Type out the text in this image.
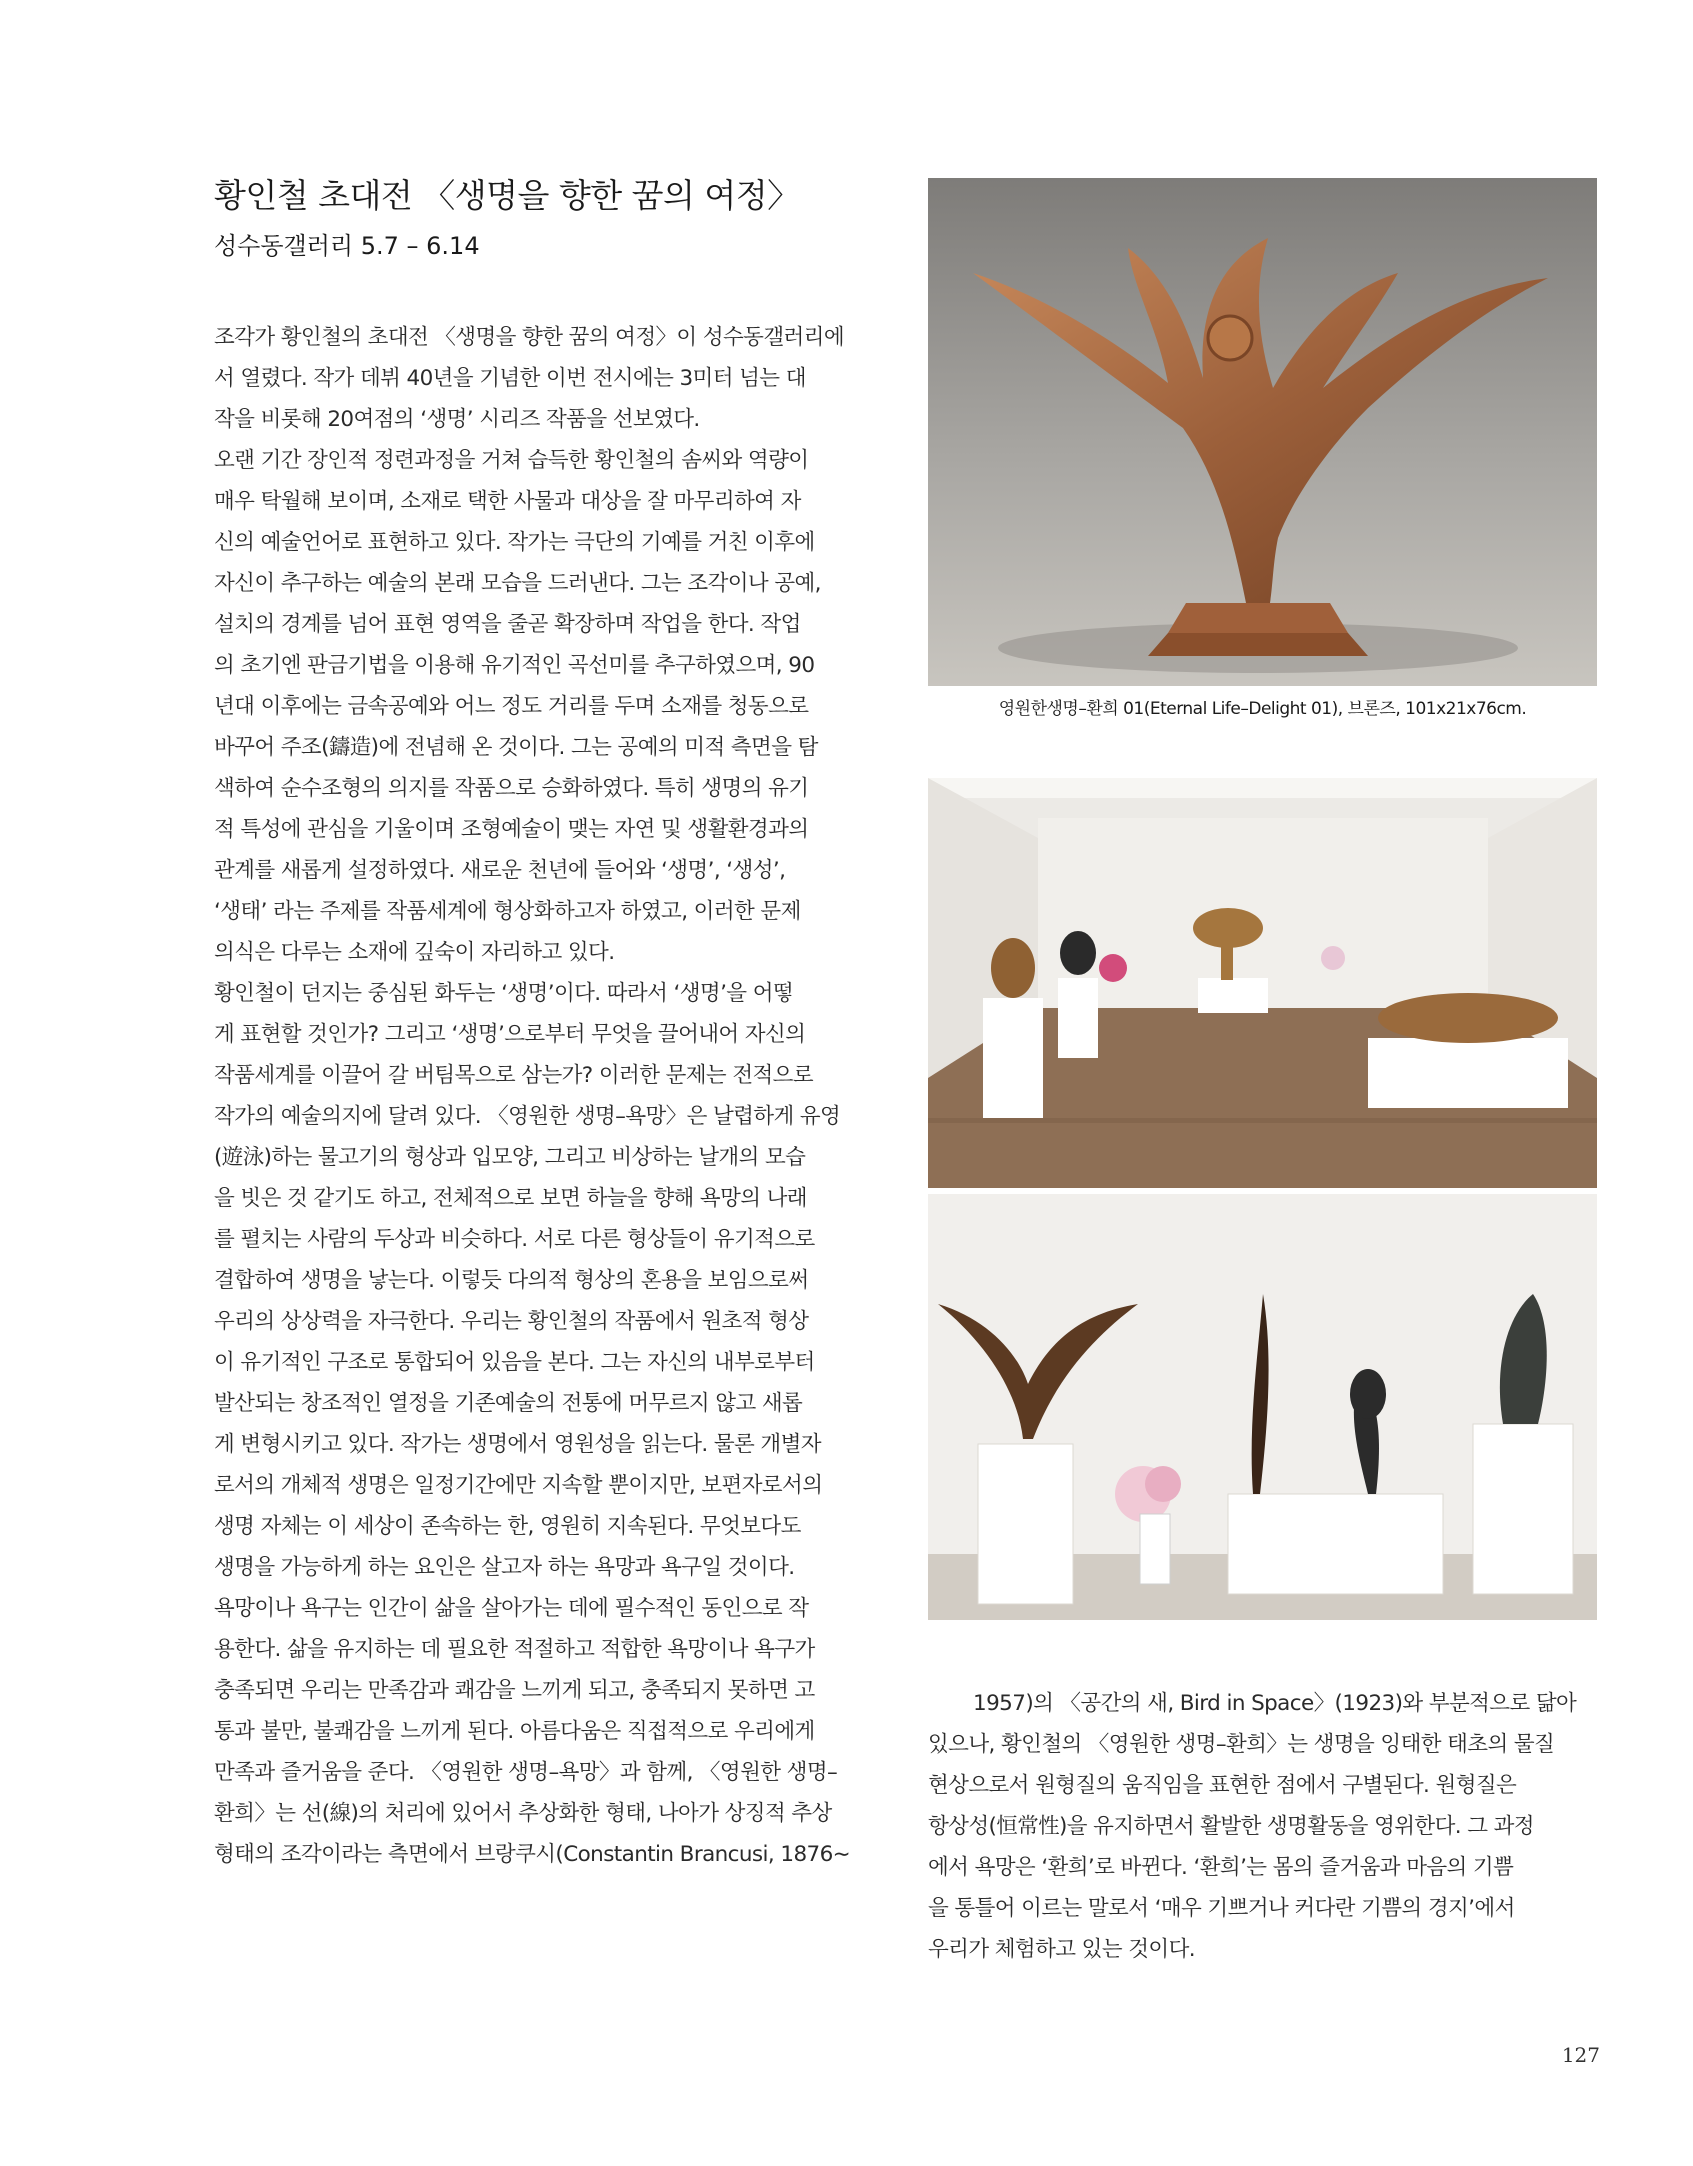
황인철 초대전 〈생명을 향한 꿈의 여정〉
성수동갤러리 5.7 – 6.14
조각가 황인철의 초대전 〈생명을 향한 꿈의 여정〉이 성수동갤러리에
서 열렸다. 작가 데뷔 40년을 기념한 이번 전시에는 3미터 넘는 대
작을 비롯해 20여점의 ‘생명’ 시리즈 작품을 선보였다.
오랜 기간 장인적 정련과정을 거쳐 습득한 황인철의 솜씨와 역량이
매우 탁월해 보이며, 소재로 택한 사물과 대상을 잘 마무리하여 자
신의 예술언어로 표현하고 있다. 작가는 극단의 기예를 거친 이후에
자신이 추구하는 예술의 본래 모습을 드러낸다. 그는 조각이나 공예,
설치의 경계를 넘어 표현 영역을 줄곧 확장하며 작업을 한다. 작업
의 초기엔 판금기법을 이용해 유기적인 곡선미를 추구하였으며, 90
년대 이후에는 금속공예와 어느 정도 거리를 두며 소재를 청동으로
바꾸어 주조(鑄造)에 전념해 온 것이다. 그는 공예의 미적 측면을 탐
색하여 순수조형의 의지를 작품으로 승화하였다. 특히 생명의 유기
적 특성에 관심을 기울이며 조형예술이 맺는 자연 및 생활환경과의
관계를 새롭게 설정하였다. 새로운 천년에 들어와 ‘생명’, ‘생성’,
‘생태’ 라는 주제를 작품세계에 형상화하고자 하였고, 이러한 문제
의식은 다루는 소재에 깊숙이 자리하고 있다.
황인철이 던지는 중심된 화두는 ‘생명’이다. 따라서 ‘생명’을 어떻
게 표현할 것인가? 그리고 ‘생명’으로부터 무엇을 끌어내어 자신의
작품세계를 이끌어 갈 버팀목으로 삼는가? 이러한 문제는 전적으로
작가의 예술의지에 달려 있다. 〈영원한 생명–욕망〉은 날렵하게 유영
(遊泳)하는 물고기의 형상과 입모양, 그리고 비상하는 날개의 모습
을 빗은 것 같기도 하고, 전체적으로 보면 하늘을 향해 욕망의 나래
를 펼치는 사람의 두상과 비슷하다. 서로 다른 형상들이 유기적으로
결합하여 생명을 낳는다. 이렇듯 다의적 형상의 혼용을 보임으로써
우리의 상상력을 자극한다. 우리는 황인철의 작품에서 원초적 형상
이 유기적인 구조로 통합되어 있음을 본다. 그는 자신의 내부로부터
발산되는 창조적인 열정을 기존예술의 전통에 머무르지 않고 새롭
게 변형시키고 있다. 작가는 생명에서 영원성을 읽는다. 물론 개별자
로서의 개체적 생명은 일정기간에만 지속할 뿐이지만, 보편자로서의
생명 자체는 이 세상이 존속하는 한, 영원히 지속된다. 무엇보다도
생명을 가능하게 하는 요인은 살고자 하는 욕망과 욕구일 것이다.
욕망이나 욕구는 인간이 삶을 살아가는 데에 필수적인 동인으로 작
용한다. 삶을 유지하는 데 필요한 적절하고 적합한 욕망이나 욕구가
충족되면 우리는 만족감과 쾌감을 느끼게 되고, 충족되지 못하면 고
통과 불만, 불쾌감을 느끼게 된다. 아름다움은 직접적으로 우리에게
만족과 즐거움을 준다. 〈영원한 생명–욕망〉과 함께, 〈영원한 생명–
환희〉는 선(線)의 처리에 있어서 추상화한 형태, 나아가 상징적 추상
형태의 조각이라는 측면에서 브랑쿠시(Constantin Brancusi, 1876∼
영원한생명–환희 01(Eternal Life–Delight 01), 브론즈, 101x21x76cm.
1957)의 〈공간의 새, Bird in Space〉(1923)와 부분적으로 닮아
있으나, 황인철의 〈영원한 생명–환희〉는 생명을 잉태한 태초의 물질
현상으로서 원형질의 움직임을 표현한 점에서 구별된다. 원형질은
항상성(恒常性)을 유지하면서 활발한 생명활동을 영위한다. 그 과정
에서 욕망은 ‘환희’로 바뀐다. ‘환희’는 몸의 즐거움과 마음의 기쁨
을 통틀어 이르는 말로서 ‘매우 기쁘거나 커다란 기쁨의 경지’에서
우리가 체험하고 있는 것이다.
127
